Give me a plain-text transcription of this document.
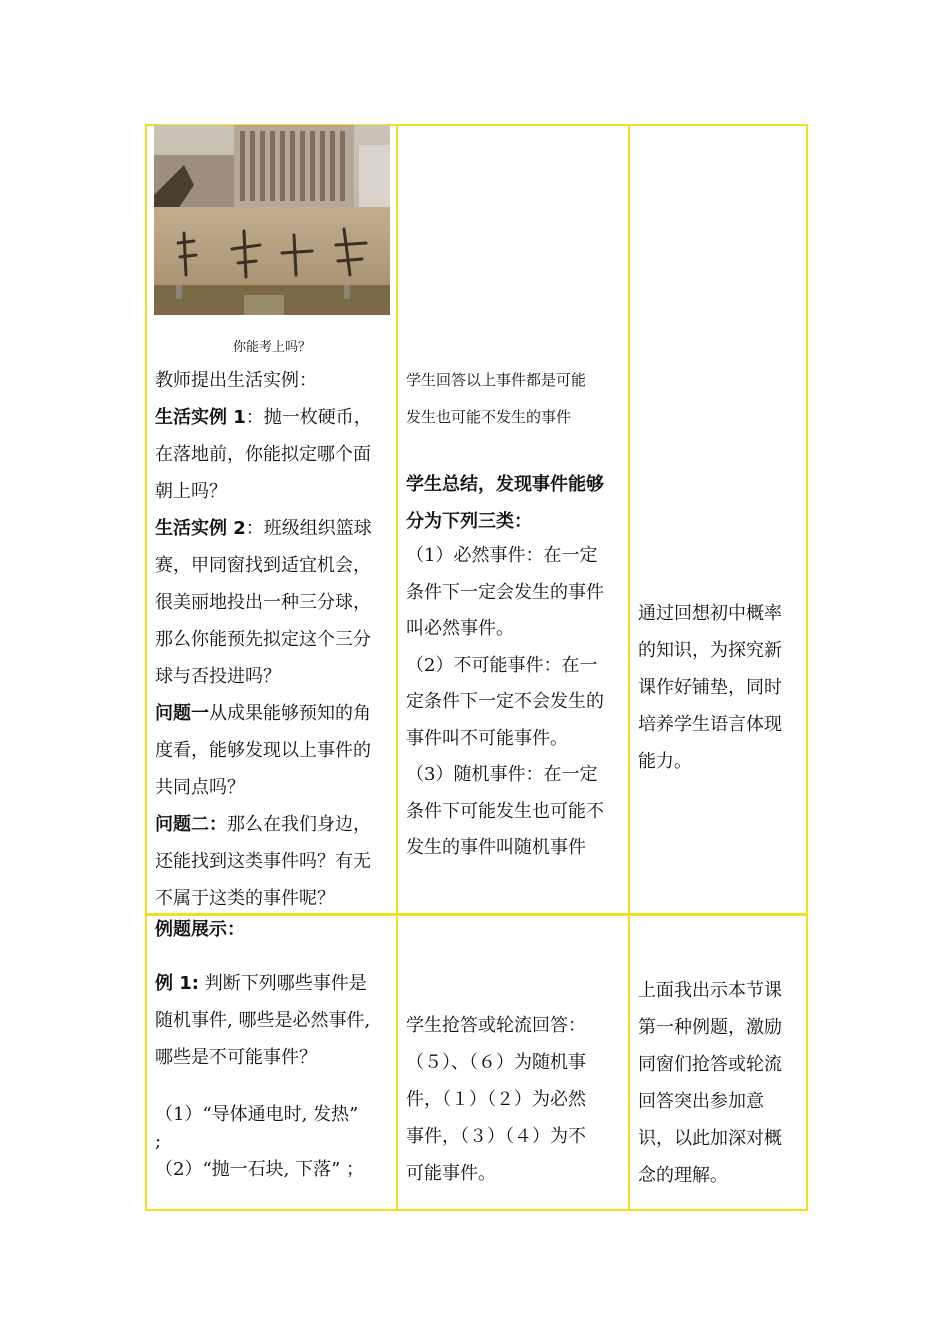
你能考上吗？

教师提出生活实例：

生活实例 1：抛一枚硬币，

在落地前，你能拟定哪个面

朝上吗？

生活实例 2：班级组织篮球

赛，甲同窗找到适宜机会，

很美丽地投出一种三分球，

那么你能预先拟定这个三分

球与否投进吗？

问题一从成果能够预知的角

度看，能够发现以上事件的

共同点吗？

问题二：那么在我们身边，

还能找到这类事件吗？有无

不属于这类的事件呢？

学生回答以上事件都是可能

发生也可能不发生的事件

学生总结，发现事件能够

分为下列三类：

（1）必然事件：在一定

条件下一定会发生的事件

叫必然事件。

（2）不可能事件：在一

定条件下一定不会发生的

事件叫不可能事件。

（3）随机事件：在一定

条件下可能发生也可能不

发生的事件叫随机事件

通过回想初中概率

的知识，为探究新

课作好铺垫，同时

培养学生语言体现

能力。

例题展示：

例 1: 判断下列哪些事件是

随机事件, 哪些是必然事件,

哪些是不可能事件？

（1）“导体通电时, 发热”

;

（2）“抛一石块, 下落” ；

学生抢答或轮流回答：

（５）、（６）为随机事

件，（１）（２）为必然

事件，（３）（４）为不

可能事件。

上面我出示本节课

第一种例题，激励

同窗们抢答或轮流

回答突出参加意

识，以此加深对概

念的理解。
